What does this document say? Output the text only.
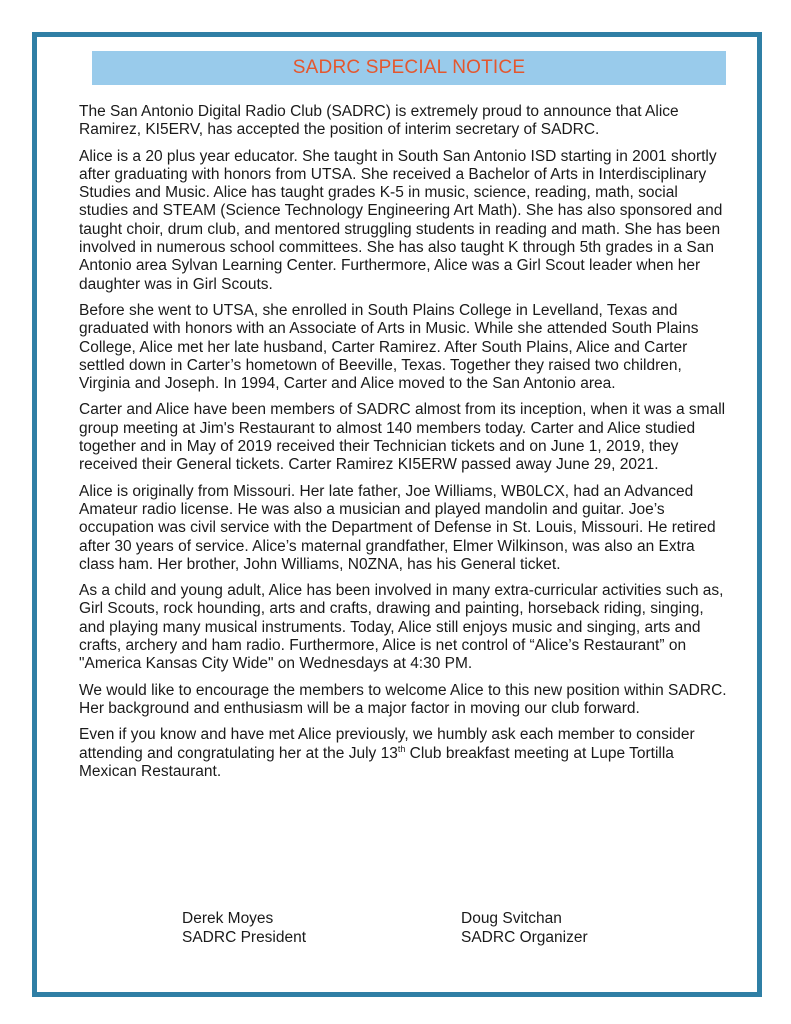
SADRC SPECIAL NOTICE

The San Antonio Digital Radio Club (SADRC) is extremely proud to announce that Alice Ramirez, KI5ERV, has accepted the position of interim secretary of SADRC.

Alice is a 20 plus year educator. She taught in South San Antonio ISD starting in 2001 shortly after graduating with honors from UTSA. She received a Bachelor of Arts in Interdisciplinary Studies and Music. Alice has taught grades K-5 in music, science, reading, math, social studies and STEAM (Science Technology Engineering Art Math). She has also sponsored and taught choir, drum club, and mentored struggling students in reading and math. She has been involved in numerous school committees. She has also taught K through 5th grades in a San Antonio area Sylvan Learning Center. Furthermore, Alice was a Girl Scout leader when her daughter was in Girl Scouts.

Before she went to UTSA, she enrolled in South Plains College in Levelland, Texas and graduated with honors with an Associate of Arts in Music. While she attended South Plains College, Alice met her late husband, Carter Ramirez. After South Plains, Alice and Carter settled down in Carter’s hometown of Beeville, Texas. Together they raised two children, Virginia and Joseph. In 1994, Carter and Alice moved to the San Antonio area.

Carter and Alice have been members of SADRC almost from its inception, when it was a small group meeting at Jim's Restaurant to almost 140 members today. Carter and Alice studied together and in May of 2019 received their Technician tickets and on June 1, 2019, they received their General tickets. Carter Ramirez KI5ERW passed away June 29, 2021.

Alice is originally from Missouri. Her late father, Joe Williams, WB0LCX, had an Advanced Amateur radio license. He was also a musician and played mandolin and guitar. Joe’s occupation was civil service with the Department of Defense in St. Louis, Missouri. He retired after 30 years of service. Alice’s maternal grandfather, Elmer Wilkinson, was also an Extra class ham. Her brother, John Williams, N0ZNA, has his General ticket.

As a child and young adult, Alice has been involved in many extra-curricular activities such as, Girl Scouts, rock hounding, arts and crafts, drawing and painting, horseback riding, singing, and playing many musical instruments. Today, Alice still enjoys music and singing, arts and crafts, archery and ham radio. Furthermore, Alice is net control of “Alice’s Restaurant” on "America Kansas City Wide" on Wednesdays at 4:30 PM.

We would like to encourage the members to welcome Alice to this new position within SADRC. Her background and enthusiasm will be a major factor in moving our club forward.

Even if you know and have met Alice previously, we humbly ask each member to consider attending and congratulating her at the July 13th Club breakfast meeting at Lupe Tortilla Mexican Restaurant.

Derek Moyes
SADRC President
Doug Svitchan
SADRC Organizer
